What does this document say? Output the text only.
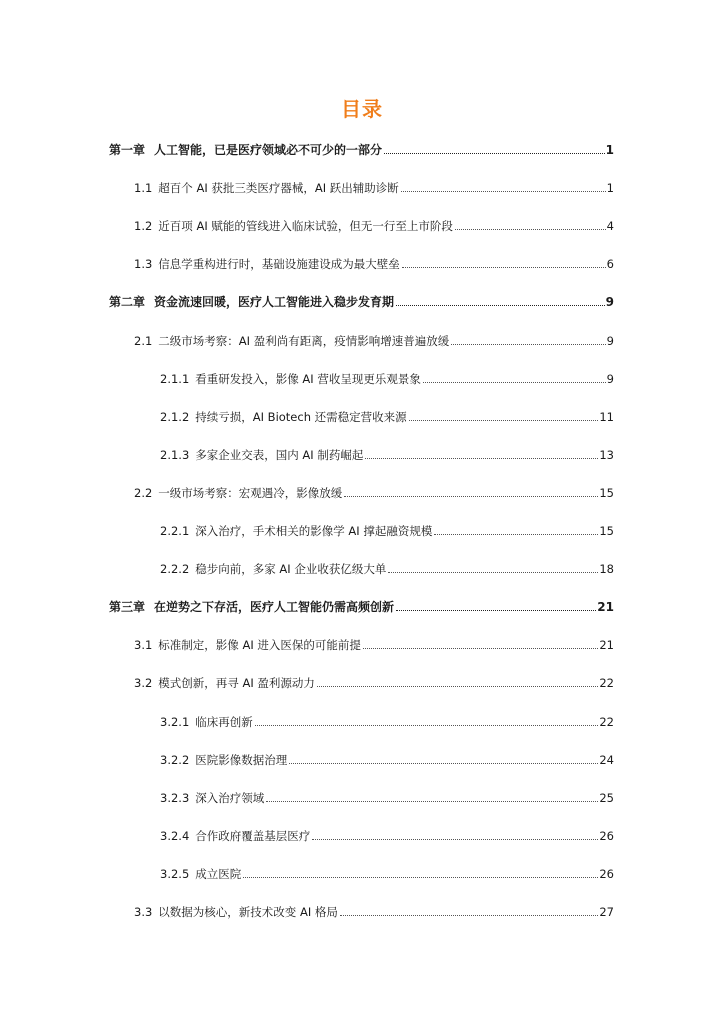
目录
第一章 人工智能，已是医疗领域必不可少的一部分	1
1.1 超百个 AI 获批三类医疗器械，AI 跃出辅助诊断	1
1.2 近百项 AI 赋能的管线进入临床试验，但无一行至上市阶段	4
1.3 信息学重构进行时，基础设施建设成为最大壁垒	6
第二章 资金流速回暖，医疗人工智能进入稳步发育期	9
2.1 二级市场考察：AI 盈利尚有距离，疫情影响增速普遍放缓	9
2.1.1 看重研发投入，影像 AI 营收呈现更乐观景象	9
2.1.2 持续亏损，AI Biotech 还需稳定营收来源	11
2.1.3 多家企业交表，国内 AI 制药崛起	13
2.2 一级市场考察：宏观遇冷，影像放缓	15
2.2.1 深入治疗，手术相关的影像学 AI 撑起融资规模	15
2.2.2 稳步向前，多家 AI 企业收获亿级大单	18
第三章 在逆势之下存活，医疗人工智能仍需高频创新	21
3.1 标准制定，影像 AI 进入医保的可能前提	21
3.2 模式创新，再寻 AI 盈利源动力	22
3.2.1 临床再创新	22
3.2.2 医院影像数据治理	24
3.2.3 深入治疗领域	25
3.2.4 合作政府覆盖基层医疗	26
3.2.5 成立医院	26
3.3 以数据为核心，新技术改变 AI 格局	27
